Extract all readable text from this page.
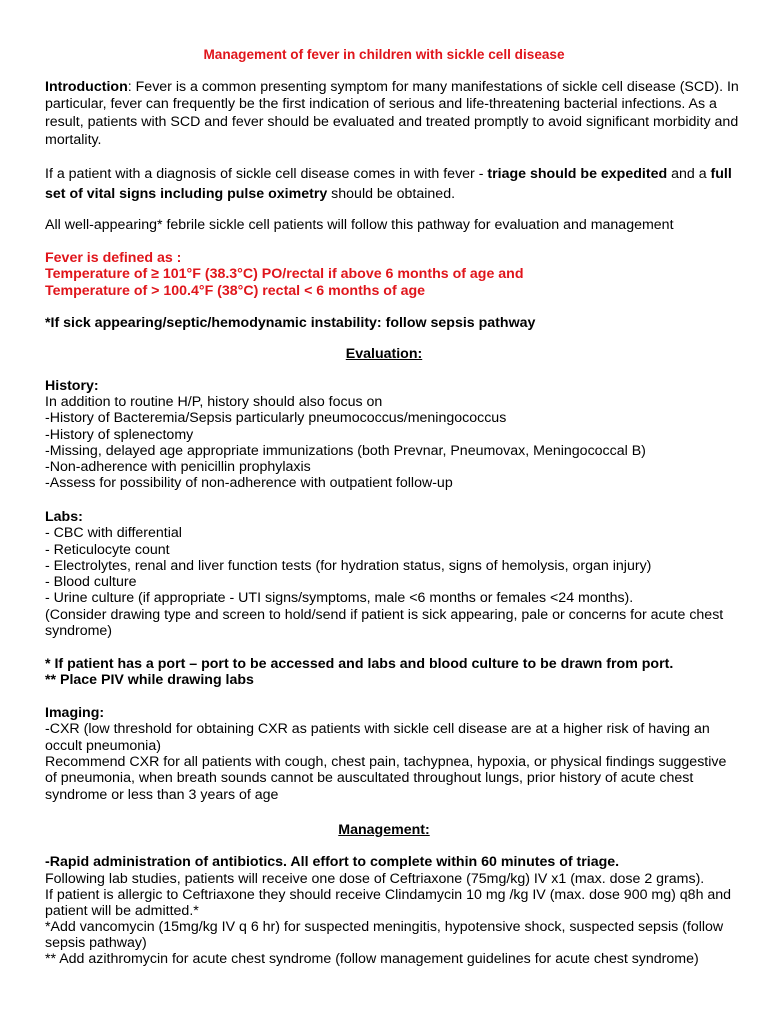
Management of fever in children with sickle cell disease
Introduction: Fever is a common presenting symptom for many manifestations of sickle cell disease (SCD). In
particular, fever can frequently be the first indication of serious and life-threatening bacterial infections. As a
result, patients with SCD and fever should be evaluated and treated promptly to avoid significant morbidity and
mortality.
If a patient with a diagnosis of sickle cell disease comes in with fever - triage should be expedited and a full
set of vital signs including pulse oximetry should be obtained.
All well-appearing* febrile sickle cell patients will follow this pathway for evaluation and management
Fever is defined as :
Temperature of ≥ 101°F (38.3°C) PO/rectal if above 6 months of age and
Temperature of > 100.4°F (38°C) rectal < 6 months of age
*If sick appearing/septic/hemodynamic instability: follow sepsis pathway
Evaluation:
History:
In addition to routine H/P, history should also focus on
-History of Bacteremia/Sepsis particularly pneumococcus/meningococcus
-History of splenectomy
-Missing, delayed age appropriate immunizations (both Prevnar, Pneumovax, Meningococcal B)
-Non-adherence with penicillin prophylaxis
-Assess for possibility of non-adherence with outpatient follow-up
Labs:
- CBC with differential
- Reticulocyte count
- Electrolytes, renal and liver function tests (for hydration status, signs of hemolysis, organ injury)
- Blood culture
- Urine culture (if appropriate - UTI signs/symptoms, male <6 months or females <24 months).
(Consider drawing type and screen to hold/send if patient is sick appearing, pale or concerns for acute chest
syndrome)
* If patient has a port – port to be accessed and labs and blood culture to be drawn from port.
** Place PIV while drawing labs
Imaging:
-CXR (low threshold for obtaining CXR as patients with sickle cell disease are at a higher risk of having an
occult pneumonia)
Recommend CXR for all patients with cough, chest pain, tachypnea, hypoxia, or physical findings suggestive
of pneumonia, when breath sounds cannot be auscultated throughout lungs, prior history of acute chest
syndrome or less than 3 years of age
Management:
-Rapid administration of antibiotics. All effort to complete within 60 minutes of triage.
Following lab studies, patients will receive one dose of Ceftriaxone (75mg/kg) IV x1 (max. dose 2 grams).
If patient is allergic to Ceftriaxone they should receive Clindamycin 10 mg /kg IV (max. dose 900 mg) q8h and
patient will be admitted.*
*Add vancomycin (15mg/kg IV q 6 hr) for suspected meningitis, hypotensive shock, suspected sepsis (follow
sepsis pathway)
** Add azithromycin for acute chest syndrome (follow management guidelines for acute chest syndrome)
